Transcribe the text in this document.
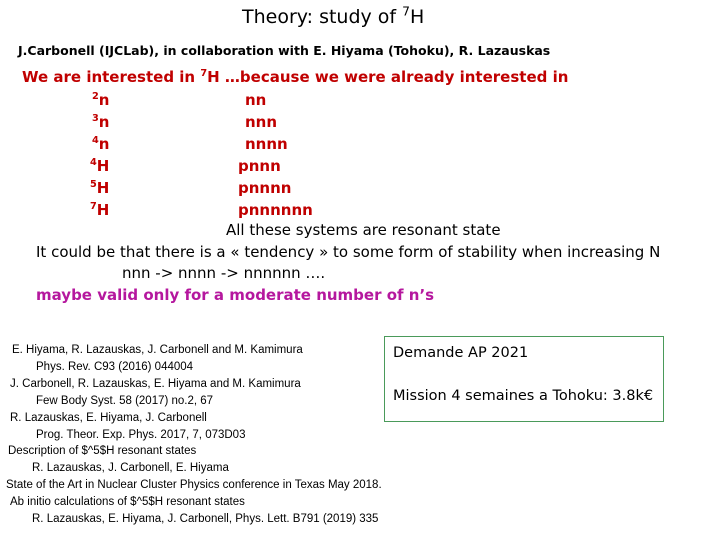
Theory: study of $^7$H
J.Carbonell (IJCLab), in collaboration with E. Hiyama (Tohoku), R. Lazauskas
We are interested in $^7$H …because we were already interested in
$^2$n	nn
$^3$n	nnn
$^4$n	nnnn
$^4$H	pnnn
$^5$H	pnnnn
$^7$H	pnnnnnn
All these systems are resonant state
It could be that there is a « tendency » to some form of stability when increasing N
nnn -> nnnn -> nnnnnn ….
maybe valid only for a moderate number of n’s
E. Hiyama, R. Lazauskas, J. Carbonell and M. Kamimura
Phys. Rev. C93 (2016) 044004
J. Carbonell, R. Lazauskas, E. Hiyama and M. Kamimura
Few Body Syst. 58 (2017) no.2, 67
R. Lazauskas, E. Hiyama, J. Carbonell
Prog. Theor. Exp. Phys. 2017, 7, 073D03
Description of $^5$H resonant states
R. Lazauskas, J. Carbonell, E. Hiyama
State of the Art in Nuclear Cluster Physics conference in Texas May 2018.
Ab initio calculations of $^5$H resonant states
R. Lazauskas, E. Hiyama, J. Carbonell, Phys. Lett. B791 (2019) 335
Demande AP 2021
Mission 4 semaines a Tohoku: 3.8k€
